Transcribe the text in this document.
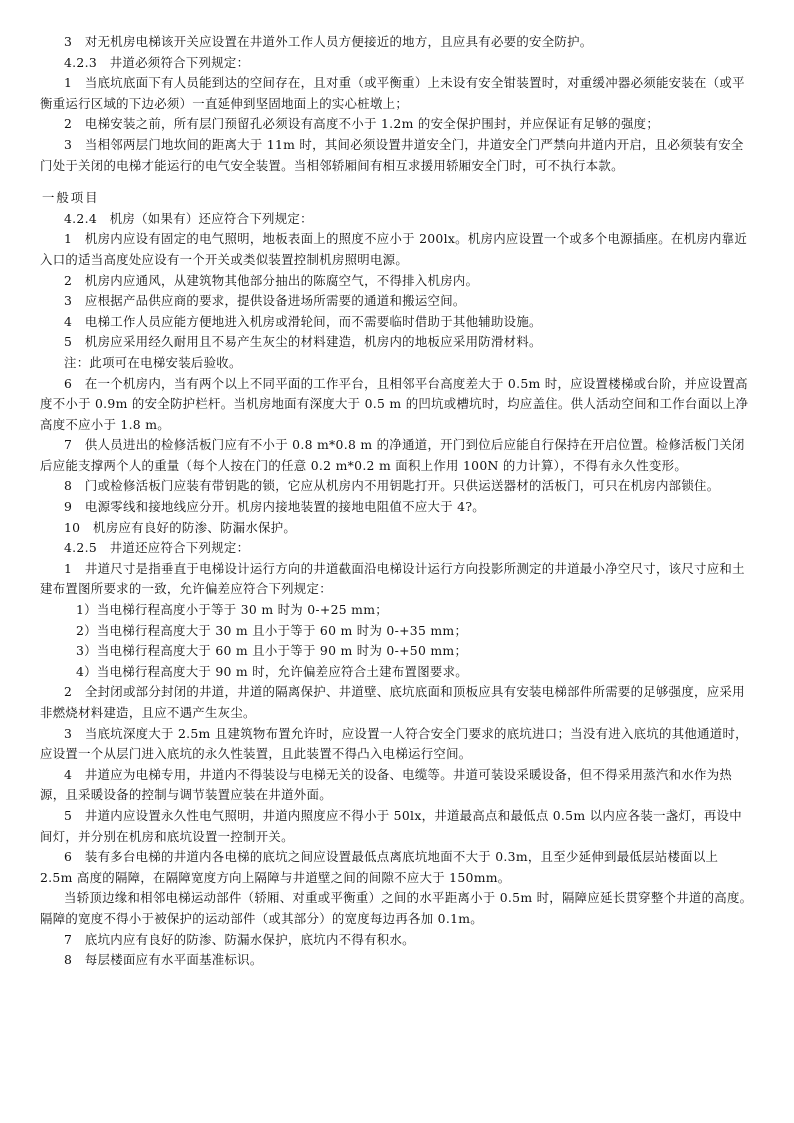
3　对无机房电梯该开关应设置在井道外工作人员方便接近的地方，且应具有必要的安全防护。

4.2.3　井道必须符合下列规定：

1　当底坑底面下有人员能到达的空间存在，且对重（或平衡重）上未设有安全钳装置时，对重缓冲器必须能安装在（或平衡重运行区域的下边必须）一直延伸到坚固地面上的实心桩墩上；

2　电梯安装之前，所有层门预留孔必须设有高度不小于 1.2m 的安全保护围封，并应保证有足够的强度；

3　当相邻两层门地坎间的距离大于 11m 时，其间必须设置井道安全门，井道安全门严禁向井道内开启，且必须装有安全门处于关闭的电梯才能运行的电气安全装置。当相邻轿厢间有相互求援用轿厢安全门时，可不执行本款。

一般项目

4.2.4　机房（如果有）还应符合下列规定：

1　机房内应设有固定的电气照明，地板表面上的照度不应小于 200lx。机房内应设置一个或多个电源插座。在机房内靠近入口的适当高度处应设有一个开关或类似装置控制机房照明电源。

2　机房内应通风，从建筑物其他部分抽出的陈腐空气，不得排入机房内。

3　应根据产品供应商的要求，提供设备进场所需要的通道和搬运空间。

4　电梯工作人员应能方便地进入机房或滑轮间，而不需要临时借助于其他辅助设施。

5　机房应采用经久耐用且不易产生灰尘的材料建造，机房内的地板应采用防滑材料。

注：此项可在电梯安装后验收。

6　在一个机房内，当有两个以上不同平面的工作平台，且相邻平台高度差大于 0.5m 时，应设置楼梯或台阶，并应设置高度不小于 0.9m 的安全防护栏杆。当机房地面有深度大于 0.5 m 的凹坑或槽坑时，均应盖住。供人活动空间和工作台面以上净高度不应小于 1.8 m。

7　供人员进出的检修活板门应有不小于 0.8 m*0.8 m 的净通道，开门到位后应能自行保持在开启位置。检修活板门关闭后应能支撑两个人的重量（每个人按在门的任意 0.2 m*0.2 m 面积上作用 100N 的力计算），不得有永久性变形。

8　门或检修活板门应装有带钥匙的锁，它应从机房内不用钥匙打开。只供运送器材的活板门，可只在机房内部锁住。

9　电源零线和接地线应分开。机房内接地装置的接地电阻值不应大于 4?。

10　机房应有良好的防渗、防漏水保护。

4.2.5　井道还应符合下列规定：

1　井道尺寸是指垂直于电梯设计运行方向的井道截面沿电梯设计运行方向投影所测定的井道最小净空尺寸，该尺寸应和土建布置图所要求的一致，允许偏差应符合下列规定：

1）当电梯行程高度小于等于 30 m 时为 0-+25 mm；

2）当电梯行程高度大于 30 m 且小于等于 60 m 时为 0-+35 mm；

3）当电梯行程高度大于 60 m 且小于等于 90 m 时为 0-+50 mm；

4）当电梯行程高度大于 90 m 时，允许偏差应符合土建布置图要求。

2　全封闭或部分封闭的井道，井道的隔离保护、井道壁、底坑底面和顶板应具有安装电梯部件所需要的足够强度，应采用非燃烧材料建造，且应不遇产生灰尘。

3　当底坑深度大于 2.5m 且建筑物布置允许时，应设置一人符合安全门要求的底坑进口；当没有进入底坑的其他通道时，应设置一个从层门进入底坑的永久性装置，且此装置不得凸入电梯运行空间。

4　井道应为电梯专用，井道内不得装设与电梯无关的设备、电缆等。井道可装设采暖设备，但不得采用蒸汽和水作为热源，且采暖设备的控制与调节装置应装在井道外面。

5　井道内应设置永久性电气照明，井道内照度应不得小于 50lx，井道最高点和最低点 0.5m 以内应各装一盏灯，再设中间灯，并分别在机房和底坑设置一控制开关。

6　装有多台电梯的井道内各电梯的底坑之间应设置最低点离底坑地面不大于 0.3m，且至少延伸到最低层站楼面以上 2.5m 高度的隔障，在隔障宽度方向上隔障与井道壁之间的间隙不应大于 150mm。

当轿顶边缘和相邻电梯运动部件（轿厢、对重或平衡重）之间的水平距离小于 0.5m 时，隔障应延长贯穿整个井道的高度。隔障的宽度不得小于被保护的运动部件（或其部分）的宽度每边再各加 0.1m。

7　底坑内应有良好的防渗、防漏水保护，底坑内不得有积水。

8　每层楼面应有水平面基准标识。
